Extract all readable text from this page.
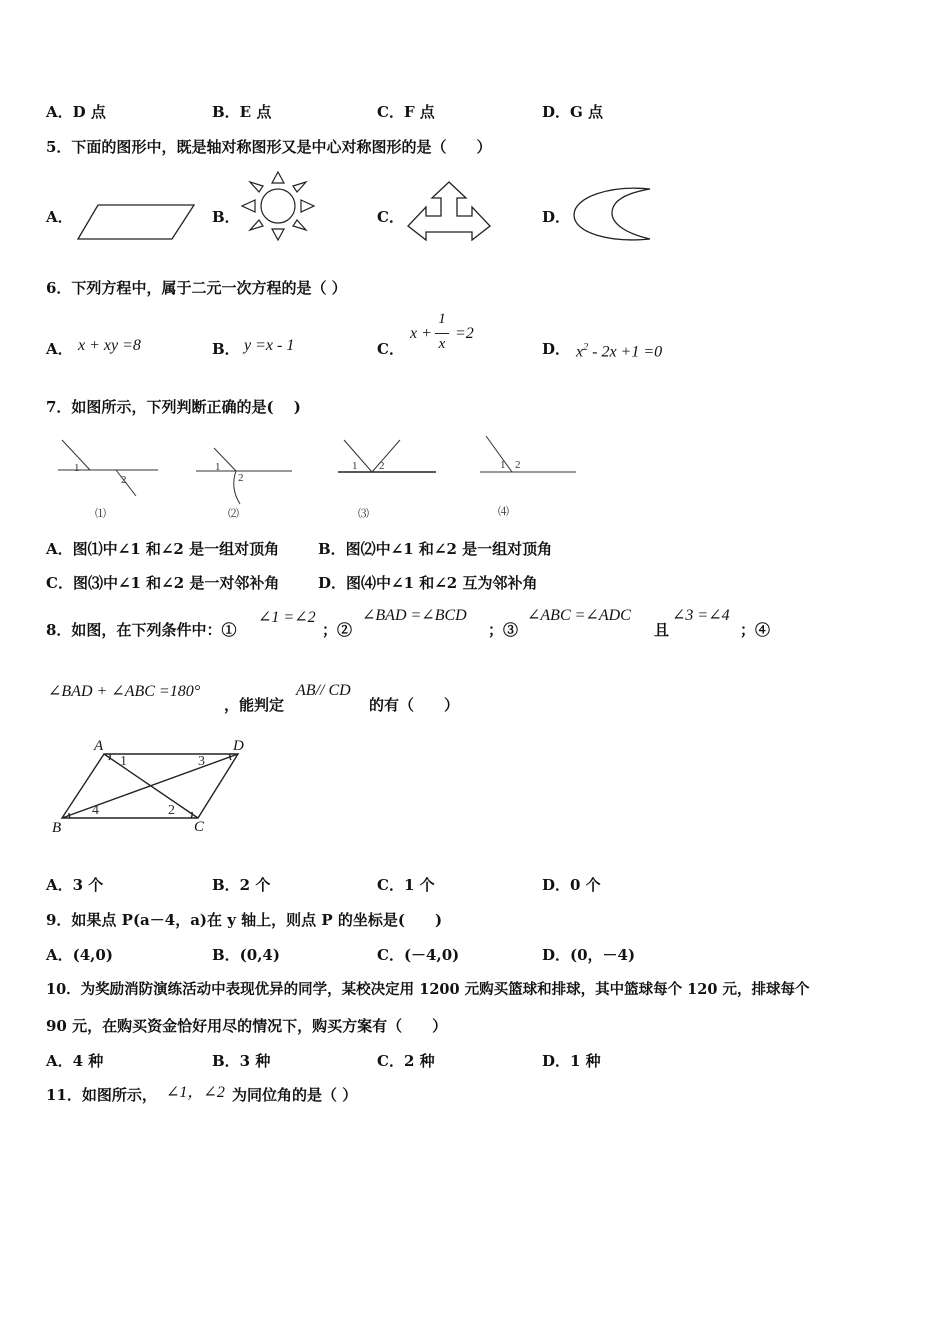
A．D 点	B．E 点	C．F 点	D．G 点
5．下面的图形中，既是轴对称图形又是中心对称图形的是（　　）
A．	B．	C．	D．
6．下列方程中，属于二元一次方程的是（ ）
A． x + xy =8	B． y =x - 1	C．
x +
1
x
=2
D． $x^2 - 2x +1 =0$
7．如图所示，下列判断正确的是(　 )
1
2
⑴
1
2
⑵
1 2
⑶
1 2
⑷
A．图⑴中∠1 和∠2 是一组对顶角	B．图⑵中∠1 和∠2 是一组对顶角
C．图⑶中∠1 和∠2 是一对邻补角	D．图⑷中∠1 和∠2 互为邻补角
8．如图，在下列条件中：①
∠1 =∠2
；②
∠BAD =∠BCD
；③
∠ABC =∠ADC
且
∠3 =∠4
；④
∠BAD + ∠ABC =180°
，能判定
AB// CD
的有（　　）
A	D
B	C
1	3
4	2
A．3 个	B．2 个	C．1 个	D．0 个
9．如果点 P(a－4，a)在 y 轴上，则点 P 的坐标是(　　)
A．(4,0)	B．(0,4)	C．(－4,0)	D．(0，－4)
10．为奖励消防演练活动中表现优异的同学，某校决定用 1200 元购买篮球和排球，其中篮球每个 120 元，排球每个
90 元，在购买资金恰好用尽的情况下，购买方案有（　　）
A．4 种	B．3 种	C．2 种	D．1 种
11．如图所示， ∠1，∠2 为同位角的是（ ）
